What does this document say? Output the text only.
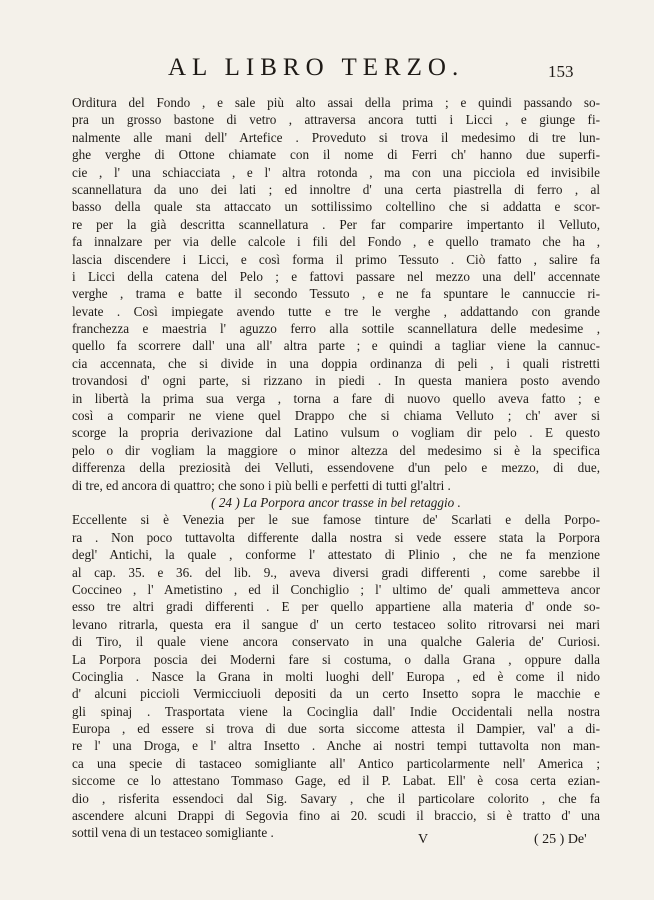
AL LIBRO TERZO.	153
Orditura del Fondo , e sale più alto assai della prima ; e quindi passando so-
pra un grosso bastone di vetro , attraversa ancora tutti i Licci , e giunge fi-
nalmente alle mani dell' Artefice . Proveduto si trova il medesimo di tre lun-
ghe verghe di Ottone chiamate con il nome di Ferri ch' hanno due superfi-
cie , l' una schiacciata , e l' altra rotonda , ma con una picciola ed invisibile
scannellatura da uno dei lati ; ed innoltre d' una certa piastrella di ferro , al
basso della quale sta attaccato un sottilissimo coltellino che si addatta e scor-
re per la già descritta scannellatura . Per far comparire impertanto il Velluto,
fa innalzare per via delle calcole i fili del Fondo , e quello tramato che ha ,
lascia discendere i Licci, e così forma il primo Tessuto . Ciò fatto , salire fa
i Licci della catena del Pelo ; e fattovi passare nel mezzo una dell' accennate
verghe , trama e batte il secondo Tessuto , e ne fa spuntare le cannuccie ri-
levate . Così impiegate avendo tutte e tre le verghe , addattando con grande
franchezza e maestria l' aguzzo ferro alla sottile scannellatura delle medesime ,
quello fa scorrere dall' una all' altra parte ; e quindi a tagliar viene la cannuc-
cia accennata, che si divide in una doppia ordinanza di peli , i quali ristretti
trovandosi d' ogni parte, si rizzano in piedi . In questa maniera posto avendo
in libertà la prima sua verga , torna a fare di nuovo quello aveva fatto ; e
così a comparir ne viene quel Drappo che si chiama Velluto ; ch' aver si
scorge la propria derivazione dal Latino vulsum o vogliam dir pelo . E questo
pelo o dir vogliam la maggiore o minor altezza del medesimo si è la specifica
differenza della preziosità dei Velluti, essendovene d'un pelo e mezzo, di due,
di tre, ed ancora di quattro; che sono i più belli e perfetti di tutti gl'altri .
( 24 ) La Porpora ancor trasse in bel retaggio .
Eccellente si è Venezia per le sue famose tinture de' Scarlati e della Porpo-
ra . Non poco tuttavolta differente dalla nostra si vede essere stata la Porpora
degl' Antichi, la quale , conforme l' attestato di Plinio , che ne fa menzione
al cap. 35. e 36. del lib. 9., aveva diversi gradi differenti , come sarebbe il
Coccineo , l' Ametistino , ed il Conchiglio ; l' ultimo de' quali ammetteva ancor
esso tre altri gradi differenti . E per quello appartiene alla materia d' onde so-
levano ritrarla, questa era il sangue d' un certo testaceo solito ritrovarsi nei mari
di Tiro, il quale viene ancora conservato in una qualche Galeria de' Curiosi.
La Porpora poscia dei Moderni fare si costuma, o dalla Grana , oppure dalla
Cocinglia . Nasce la Grana in molti luoghi dell' Europa , ed è come il nido
d' alcuni piccioli Vermicciuoli depositi da un certo Insetto sopra le macchie e
gli spinaj . Trasportata viene la Cocinglia dall' Indie Occidentali nella nostra
Europa , ed essere si trova di due sorta siccome attesta il Dampier, val' a di-
re l' una Droga, e l' altra Insetto . Anche ai nostri tempi tuttavolta non man-
ca una specie di tastaceo somigliante all' Antico particolarmente nell' America ;
siccome ce lo attestano Tommaso Gage, ed il P. Labat. Ell' è cosa certa ezian-
dio , risferita essendoci dal Sig. Savary , che il particolare colorito , che fa
ascendere alcuni Drappi di Segovia fino ai 20. scudi il braccio, si è tratto d' una
sottil vena di un testaceo somigliante .	V	( 25 ) De'
